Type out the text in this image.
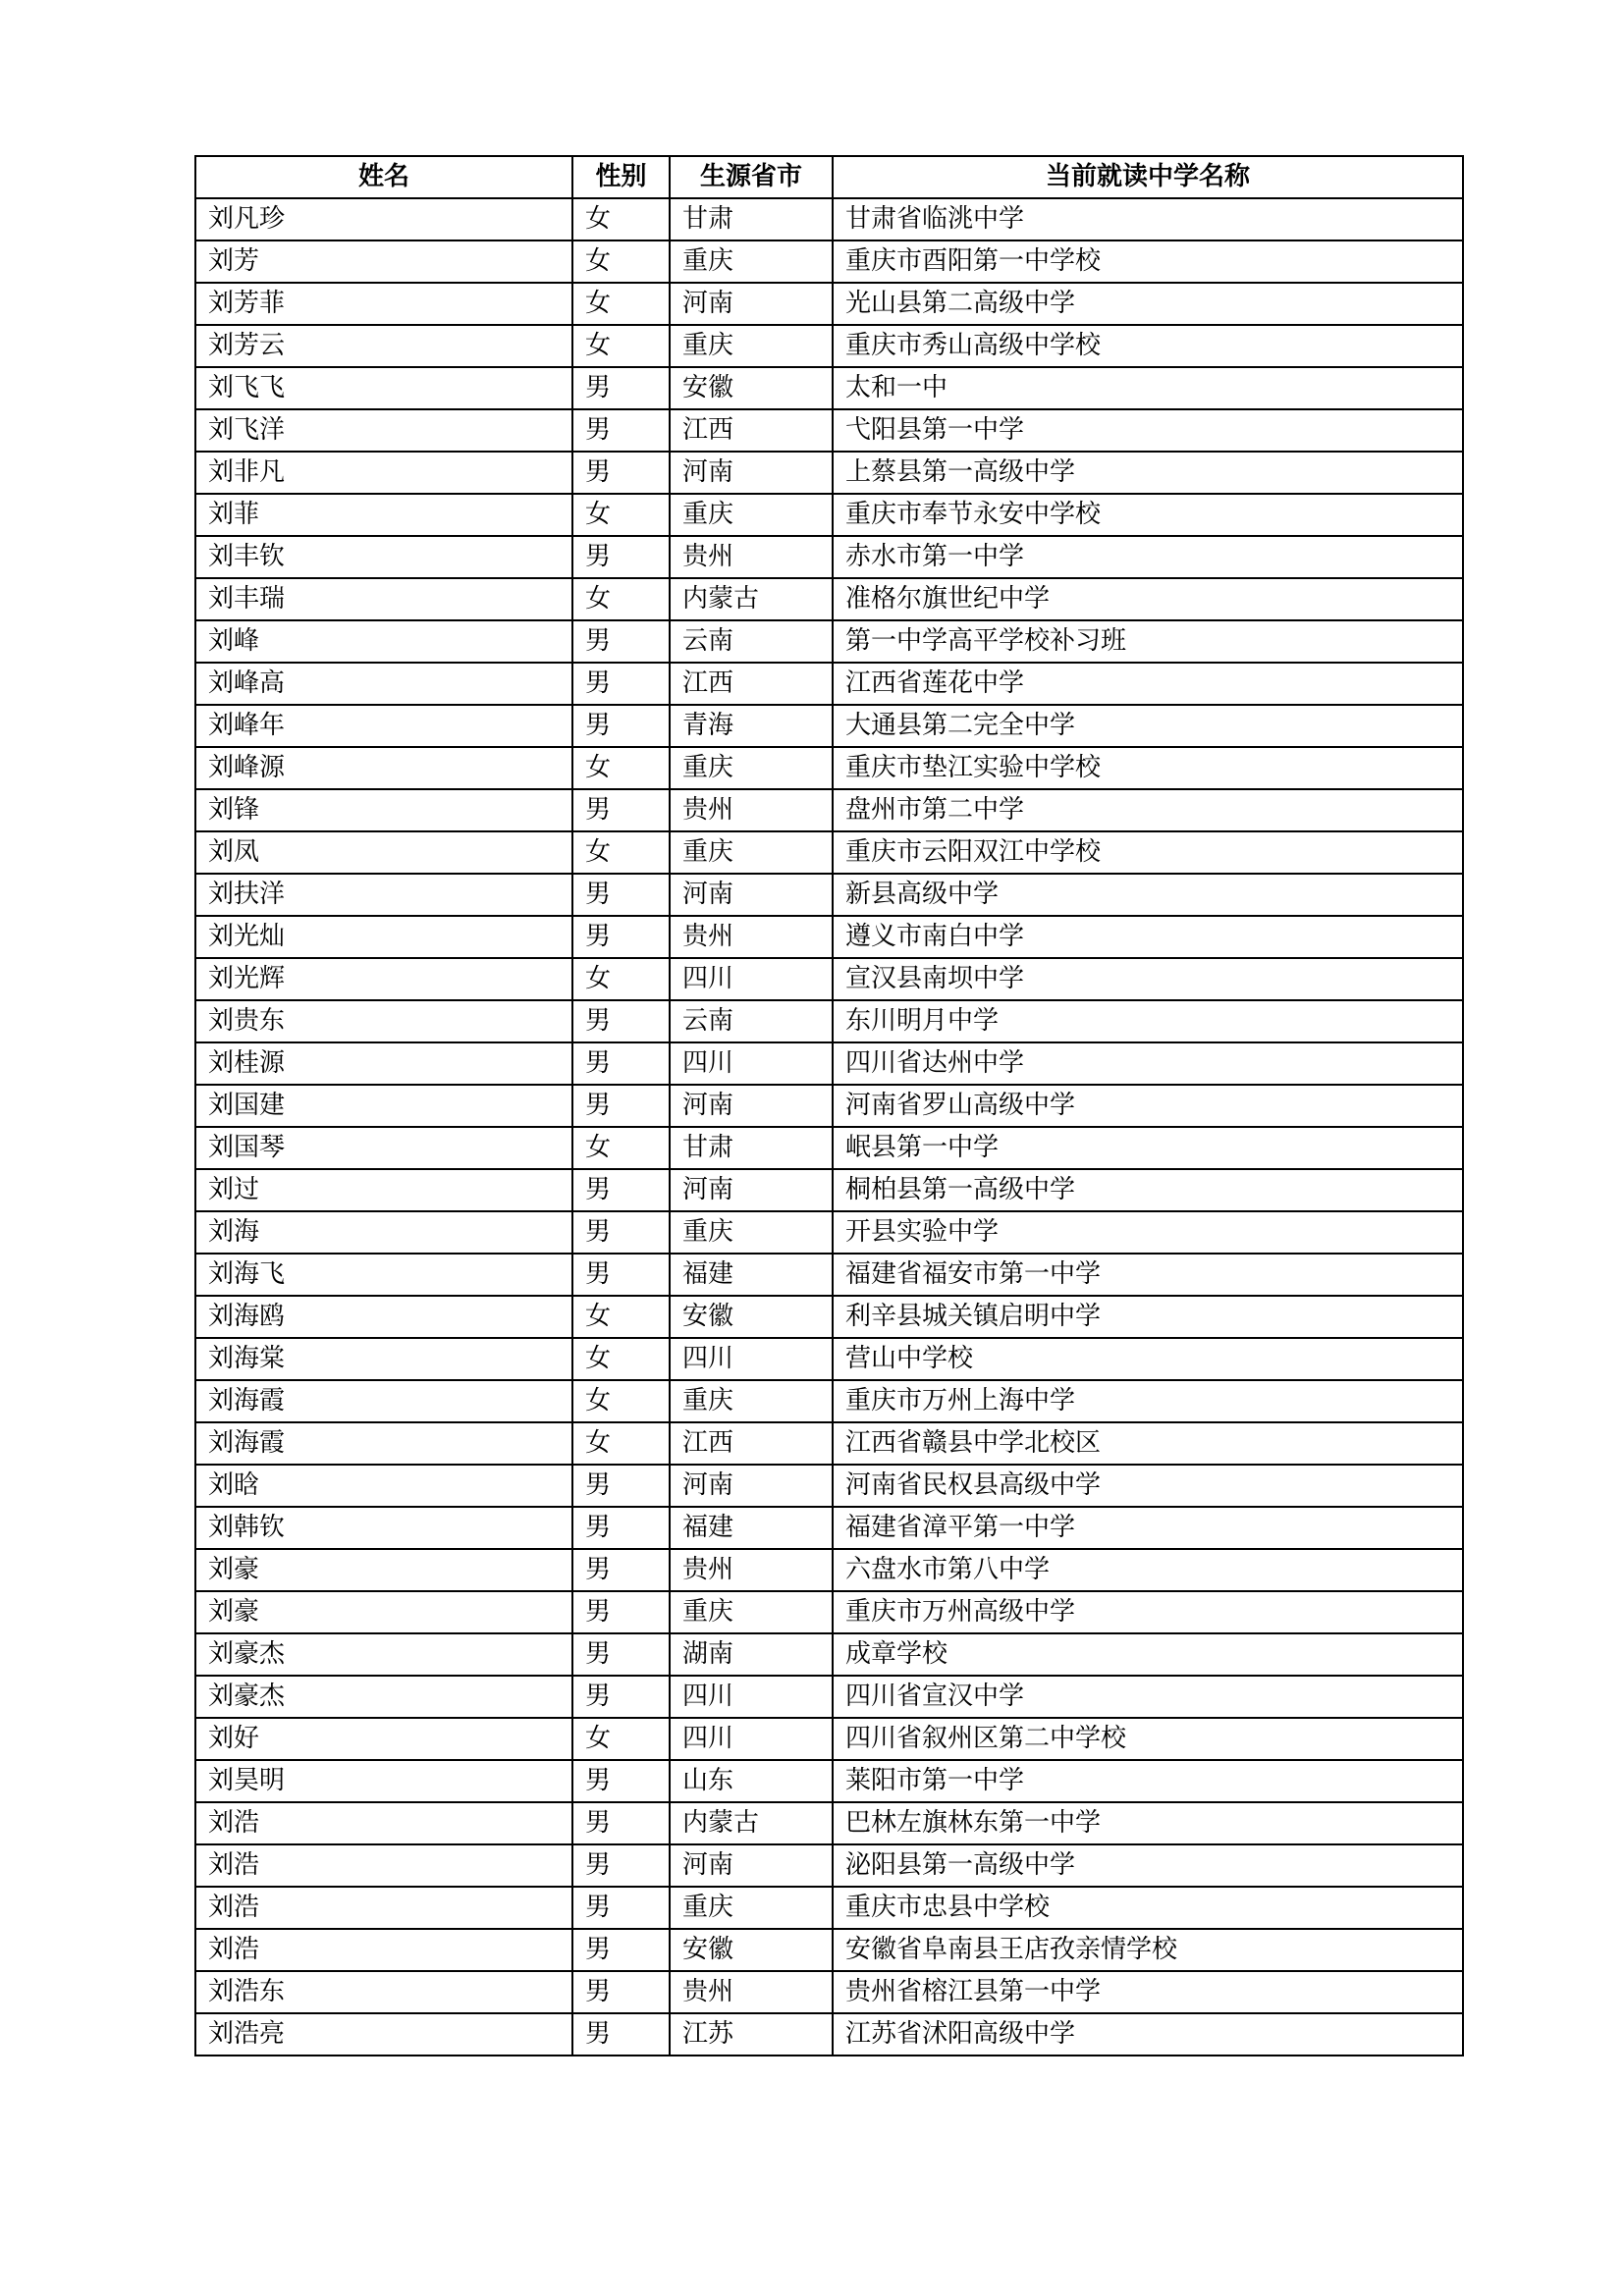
姓名	性别	生源省市	当前就读中学名称
刘凡珍	女	甘肃	甘肃省临洮中学
刘芳	女	重庆	重庆市酉阳第一中学校
刘芳菲	女	河南	光山县第二高级中学
刘芳云	女	重庆	重庆市秀山高级中学校
刘飞飞	男	安徽	太和一中
刘飞洋	男	江西	弋阳县第一中学
刘非凡	男	河南	上蔡县第一高级中学
刘菲	女	重庆	重庆市奉节永安中学校
刘丰钦	男	贵州	赤水市第一中学
刘丰瑞	女	内蒙古	准格尔旗世纪中学
刘峰	男	云南	第一中学高平学校补习班
刘峰高	男	江西	江西省莲花中学
刘峰年	男	青海	大通县第二完全中学
刘峰源	女	重庆	重庆市垫江实验中学校
刘锋	男	贵州	盘州市第二中学
刘凤	女	重庆	重庆市云阳双江中学校
刘扶洋	男	河南	新县高级中学
刘光灿	男	贵州	遵义市南白中学
刘光辉	女	四川	宣汉县南坝中学
刘贵东	男	云南	东川明月中学
刘桂源	男	四川	四川省达州中学
刘国建	男	河南	河南省罗山高级中学
刘国琴	女	甘肃	岷县第一中学
刘过	男	河南	桐柏县第一高级中学
刘海	男	重庆	开县实验中学
刘海飞	男	福建	福建省福安市第一中学
刘海鸥	女	安徽	利辛县城关镇启明中学
刘海棠	女	四川	营山中学校
刘海霞	女	重庆	重庆市万州上海中学
刘海霞	女	江西	江西省赣县中学北校区
刘晗	男	河南	河南省民权县高级中学
刘韩钦	男	福建	福建省漳平第一中学
刘豪	男	贵州	六盘水市第八中学
刘豪	男	重庆	重庆市万州高级中学
刘豪杰	男	湖南	成章学校
刘豪杰	男	四川	四川省宣汉中学
刘好	女	四川	四川省叙州区第二中学校
刘昊明	男	山东	莱阳市第一中学
刘浩	男	内蒙古	巴林左旗林东第一中学
刘浩	男	河南	泌阳县第一高级中学
刘浩	男	重庆	重庆市忠县中学校
刘浩	男	安徽	安徽省阜南县王店孜亲情学校
刘浩东	男	贵州	贵州省榕江县第一中学
刘浩亮	男	江苏	江苏省沭阳高级中学
